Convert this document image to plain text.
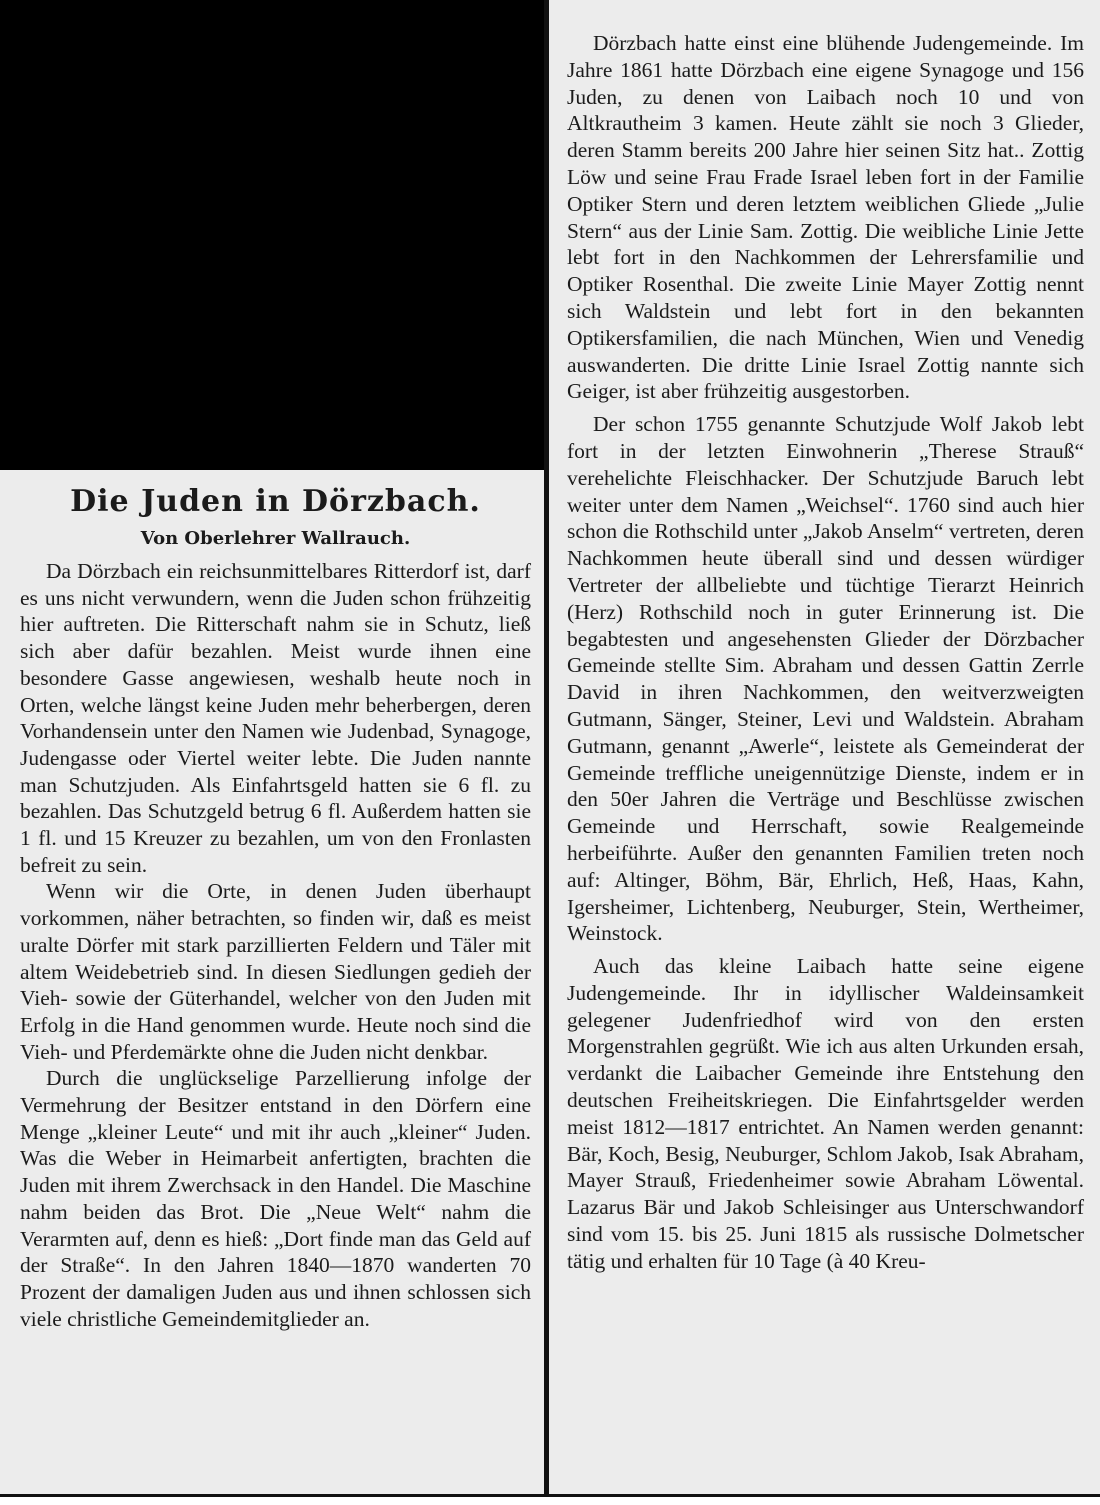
Die Juden in Dörzbach.
Von Oberlehrer Wallrauch.

Da Dörzbach ein reichsunmittelbares Ritterdorf ist, darf es uns nicht verwundern, wenn die Juden schon frühzeitig hier auftreten. Die Ritterschaft nahm sie in Schutz, ließ sich aber dafür bezahlen. Meist wurde ihnen eine besondere Gasse angewiesen, weshalb heute noch in Orten, welche längst keine Juden mehr beherbergen, deren Vorhandensein unter den Namen wie Judenbad, Synagoge, Judengasse oder Viertel weiter lebte. Die Juden nannte man Schutzjuden. Als Einfahrtsgeld hatten sie 6 fl. zu bezahlen. Das Schutzgeld betrug 6 fl. Außerdem hatten sie 1 fl. und 15 Kreuzer zu bezahlen, um von den Fronlasten befreit zu sein.

Wenn wir die Orte, in denen Juden überhaupt vorkommen, näher betrachten, so finden wir, daß es meist uralte Dörfer mit stark parzillierten Feldern und Täler mit altem Weidebetrieb sind. In diesen Siedlungen gedieh der Vieh- sowie der Güterhandel, welcher von den Juden mit Erfolg in die Hand genommen wurde. Heute noch sind die Vieh- und Pferdemärkte ohne die Juden nicht denkbar.

Durch die unglückselige Parzellierung infolge der Vermehrung der Besitzer entstand in den Dörfern eine Menge „kleiner Leute“ und mit ihr auch „kleiner“ Juden. Was die Weber in Heimarbeit anfertigten, brachten die Juden mit ihrem Zwerchsack in den Handel. Die Maschine nahm beiden das Brot. Die „Neue Welt“ nahm die Verarmten auf, denn es hieß: „Dort finde man das Geld auf der Straße“. In den Jahren 1840—1870 wanderten 70 Prozent der damaligen Juden aus und ihnen schlossen sich viele christliche Gemeindemitglieder an.

Dörzbach hatte einst eine blühende Judengemeinde. Im Jahre 1861 hatte Dörzbach eine eigene Synagoge und 156 Juden, zu denen von Laibach noch 10 und von Altkrautheim 3 kamen. Heute zählt sie noch 3 Glieder, deren Stamm bereits 200 Jahre hier seinen Sitz hat.. Zottig Löw und seine Frau Frade Israel leben fort in der Familie Optiker Stern und deren letztem weiblichen Gliede „Julie Stern“ aus der Linie Sam. Zottig. Die weibliche Linie Jette lebt fort in den Nachkommen der Lehrersfamilie und Optiker Rosenthal. Die zweite Linie Mayer Zottig nennt sich Waldstein und lebt fort in den bekannten Optikersfamilien, die nach München, Wien und Venedig auswanderten. Die dritte Linie Israel Zottig nannte sich Geiger, ist aber frühzeitig ausgestorben.

Der schon 1755 genannte Schutzjude Wolf Jakob lebt fort in der letzten Einwohnerin „Therese Strauß“ verehelichte Fleischhacker. Der Schutzjude Baruch lebt weiter unter dem Namen „Weichsel“. 1760 sind auch hier schon die Rothschild unter „Jakob Anselm“ vertreten, deren Nachkommen heute überall sind und dessen würdiger Vertreter der allbeliebte und tüchtige Tierarzt Heinrich (Herz) Rothschild noch in guter Erinnerung ist. Die begabtesten und angesehensten Glieder der Dörzbacher Gemeinde stellte Sim. Abraham und dessen Gattin Zerrle David in ihren Nachkommen, den weitverzweigten Gutmann, Sänger, Steiner, Levi und Waldstein. Abraham Gutmann, genannt „Awerle“, leistete als Gemeinderat der Gemeinde treffliche uneigennützige Dienste, indem er in den 50er Jahren die Verträge und Beschlüsse zwischen Gemeinde und Herrschaft, sowie Realgemeinde herbeiführte. Außer den genannten Familien treten noch auf: Altinger, Böhm, Bär, Ehrlich, Heß, Haas, Kahn, Igersheimer, Lichtenberg, Neuburger, Stein, Wertheimer, Weinstock.

Auch das kleine Laibach hatte seine eigene Judengemeinde. Ihr in idyllischer Waldeinsamkeit gelegener Judenfriedhof wird von den ersten Morgenstrahlen gegrüßt. Wie ich aus alten Urkunden ersah, verdankt die Laibacher Gemeinde ihre Entstehung den deutschen Freiheitskriegen. Die Einfahrtsgelder werden meist 1812—1817 entrichtet. An Namen werden genannt: Bär, Koch, Besig, Neuburger, Schlom Jakob, Isak Abraham, Mayer Strauß, Friedenheimer sowie Abraham Löwental. Lazarus Bär und Jakob Schleisinger aus Unterschwandorf sind vom 15. bis 25. Juni 1815 als russische Dolmetscher tätig und erhalten für 10 Tage (à 40 Kreu-
